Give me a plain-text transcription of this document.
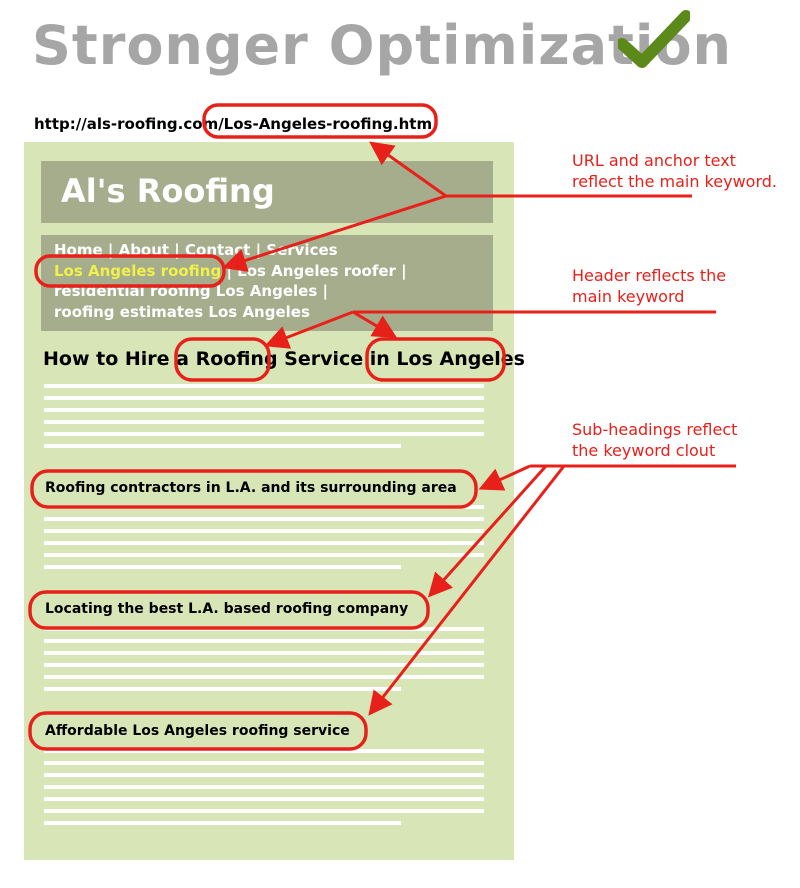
Stronger Optimization
http://als-roofing.com/Los-Angeles-roofing.htm
Al's Roofing
Home | About | Contact | Services
Los Angeles roofing | Los Angeles roofer |
residential roofing Los Angeles |
roofing estimates Los Angeles
How to Hire a Roofing Service in Los Angeles
Roofing contractors in L.A. and its surrounding area
Locating the best L.A. based roofing company
Affordable Los Angeles roofing service
URL and anchor text
reflect the main keyword.
Header reflects the
main keyword
Sub-headings reflect
the keyword clout
